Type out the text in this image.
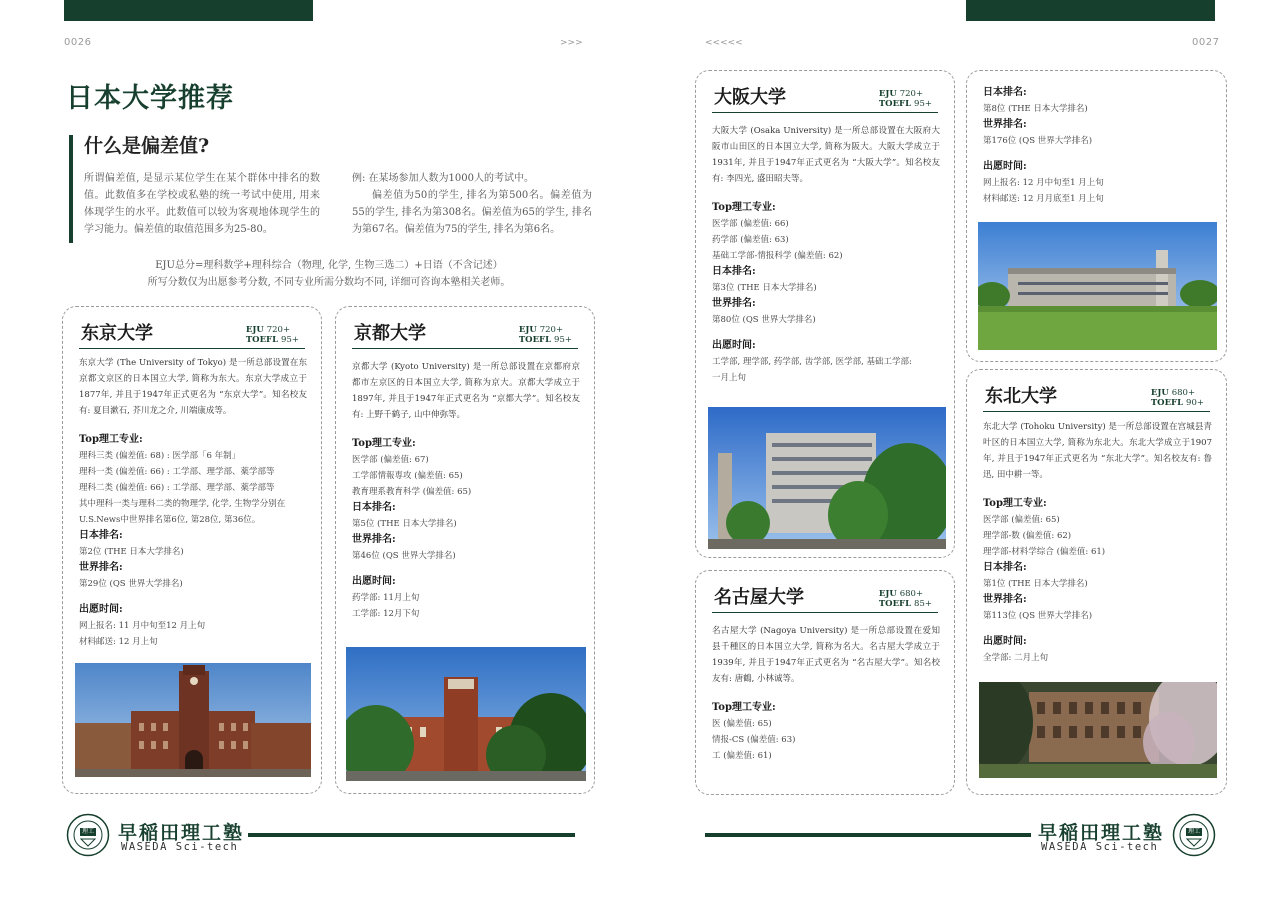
0026	>>>	<<<<<	0027
日本大学推荐
什么是偏差值?

所谓偏差值, 是显示某位学生在某个群体中排名的数值。此数值多在学校或私塾的统一考试中使用, 用来体现学生的水平。此数值可以较为客观地体现学生的学习能力。偏差值的取值范围多为25-80。

例: 在某场参加人数为1000人的考试中。

偏差值为50的学生, 排名为第500名。偏差值为55的学生, 排名为第308名。偏差值为65的学生, 排名为第67名。偏差值为75的学生, 排名为第6名。

EJU总分=理科数学+理科综合（物理, 化学, 生物三选二）+日语（不含记述）
所写分数仅为出愿参考分数, 不同专业所需分数均不同, 详细可咨询本塾相关老师。
东京大学	EJU 720+
TOEFL 95+
东京大学 (The University of Tokyo) 是一所总部设置在东京都文京区的日本国立大学, 简称为东大。东京大学成立于1877年, 并且于1947年正式更名为 “东京大学”。知名校友有: 夏目漱石, 芥川龙之介, 川端康成等。
Top理工专业:
理科三类 (偏差值: 68) : 医学部「6 年制」
理科一类 (偏差值: 66) : 工学部、理学部、薬学部等
理科二类 (偏差值: 66) : 工学部、理学部、薬学部等
其中理科一类与理科二类的物理学, 化学, 生物学分别在
U.S.News中世界排名第6位, 第28位, 第36位。
日本排名:
第2位 (THE 日本大学排名)
世界排名:
第29位 (QS 世界大学排名)
出愿时间:
网上报名: 11 月中旬至12 月上旬
材料邮送: 12 月上旬
京都大学	EJU 720+
TOEFL 95+
京都大学 (Kyoto University) 是一所总部设置在京都府京都市左京区的日本国立大学, 简称为京大。京都大学成立于1897年, 并且于1947年正式更名为 “京都大学”。知名校友有: 上野千鹤子, 山中伸弥等。
Top理工专业:
医学部 (偏差值: 67)
工学部情報専攻 (偏差值: 65)
教育理系教育科学 (偏差值: 65)
日本排名:
第5位 (THE 日本大学排名)
世界排名:
第46位 (QS 世界大学排名)
出愿时间:
药学部: 11月上旬
工学部: 12月下旬
大阪大学	EJU 720+
TOEFL 95+
大阪大学 (Osaka University) 是一所总部设置在大阪府大阪市山田区的日本国立大学, 简称为阪大。大阪大学成立于1931年, 并且于1947年正式更名为 “大阪大学”。知名校友有: 李四光, 盛田昭夫等。
Top理工专业:
医学部 (偏差值: 66)
药学部 (偏差值: 63)
基础工学部-情报科学 (偏差值: 62)
日本排名:
第3位 (THE 日本大学排名)
世界排名:
第80位 (QS 世界大学排名)
出愿时间:
工学部, 理学部, 药学部, 齿学部, 医学部, 基础工学部:
一月上旬
名古屋大学	EJU 680+
TOEFL 85+
名古屋大学 (Nagoya University) 是一所总部设置在爱知县千種区的日本国立大学, 简称为名大。名古屋大学成立于1939年, 并且于1947年正式更名为 “名古屋大学”。知名校友有: 唐鶴, 小林诚等。
Top理工专业:
医 (偏差值: 65)
情报-CS (偏差值: 63)
工 (偏差值: 61)
日本排名:
第8位 (THE 日本大学排名)
世界排名:
第176位 (QS 世界大学排名)
出愿时间:
网上报名: 12 月中旬至1 月上旬
材料邮送: 12 月月底至1 月上旬
东北大学	EJU 680+
TOEFL 90+
东北大学 (Tohoku University) 是一所总部设置在宫城县青叶区的日本国立大学, 简称为东北大。东北大学成立于1907年, 并且于1947年正式更名为 “东北大学”。知名校友有: 鲁迅, 田中耕一等。
Top理工专业:
医学部 (偏差值: 65)
理学部-数 (偏差值: 62)
理学部-材料学综合 (偏差值: 61)
日本排名:
第1位 (THE 日本大学排名)
世界排名:
第113位 (QS 世界大学排名)
出愿时间:
全学部: 二月上旬
理工 早稲田理工塾
WASEDA Sci-tech
早稲田理工塾
WASEDA Sci-tech
理工
